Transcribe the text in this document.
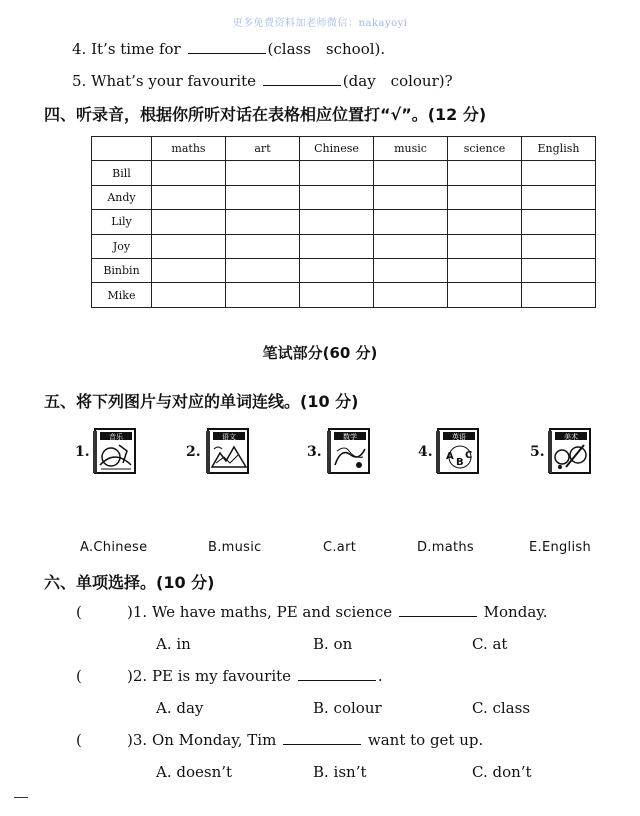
更多免费资料加老师微信：nakayoyi
4. It’s time for	(class　school).
5. What’s your favourite	(day　colour)?
四、听录音，根据你所听对话在表格相应位置打“√”。(12 分)
	maths	art	Chinese	music	science	English
Bill						
Andy						
Lily						
Joy						
Binbin						
Mike						
笔试部分(60 分)
五、将下列图片与对应的单词连线。(10 分)
1.
音乐
2.
语文
3.
数学
4.
英语
A
B
C	5.
美术
A.Chinese	B.music	C.art	D.maths	E.English
六、单项选择。(10 分)
(	)1. We have maths, PE and science	Monday.
A. in	B. on	C. at
(	)2. PE is my favourite	.
A. day	B. colour	C. class
(	)3. On Monday, Tim	want to get up.
A. doesn’t	B. isn’t	C. don’t
